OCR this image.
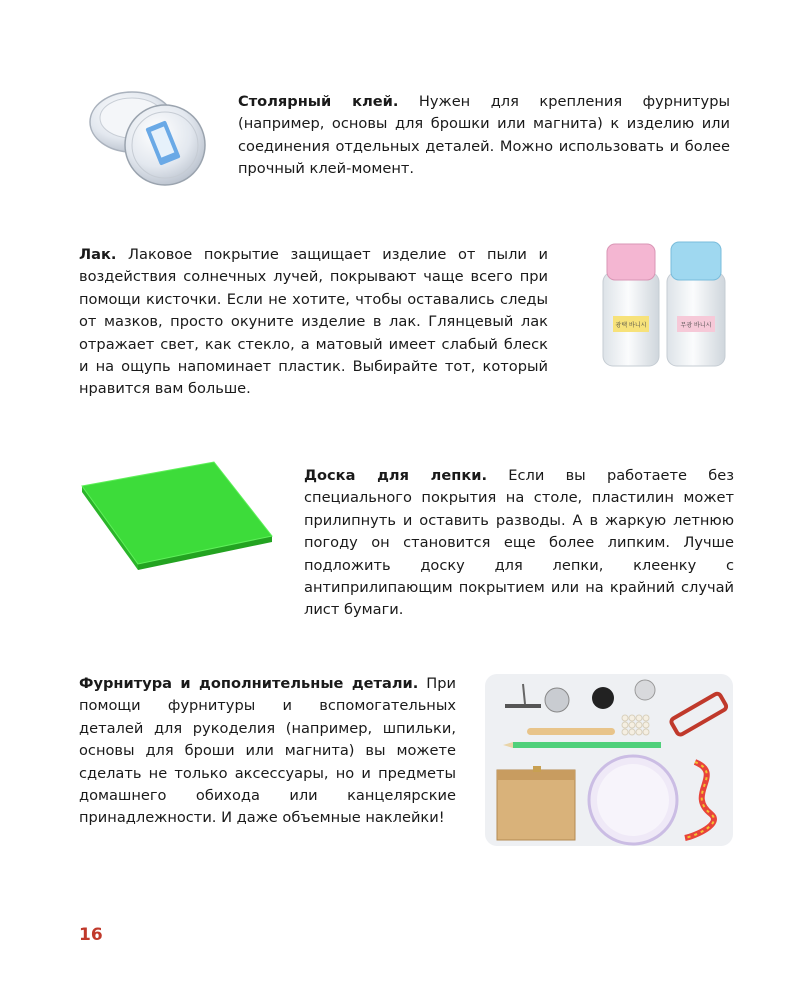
Столярный клей. Нужен для крепления фурнитуры (например, основы для брошки или магнита) к изделию или соединения отдельных деталей. Можно использовать и более прочный клей-момент.
Лак. Лаковое покрытие защищает изделие от пыли и воздействия солнечных лучей, покрывают чаще всего при помощи кисточки. Если не хотите, чтобы оставались следы от мазков, просто окуните изделие в лак. Глянцевый лак отражает свет, как стекло, а матовый имеет слабый блеск и на ощупь напоминает пластик. Выбирайте тот, который нравится вам больше.
광택 바니시	무광 바니시
Доска для лепки. Если вы работаете без специального покрытия на столе, пластилин может прилипнуть и оставить разводы. А в жаркую летнюю погоду он становится еще более липким. Лучше подложить доску для лепки, клеенку с антиприлипающим покрытием или на крайний случай лист бумаги.
Фурнитура и дополнительные детали. При помощи фурнитуры и вспомогательных деталей для рукоделия (например, шпильки, основы для броши или магнита) вы можете сделать не только аксессуары, но и предметы домашнего обихода или канцелярские принадлежности. И даже объемные наклейки!
16
